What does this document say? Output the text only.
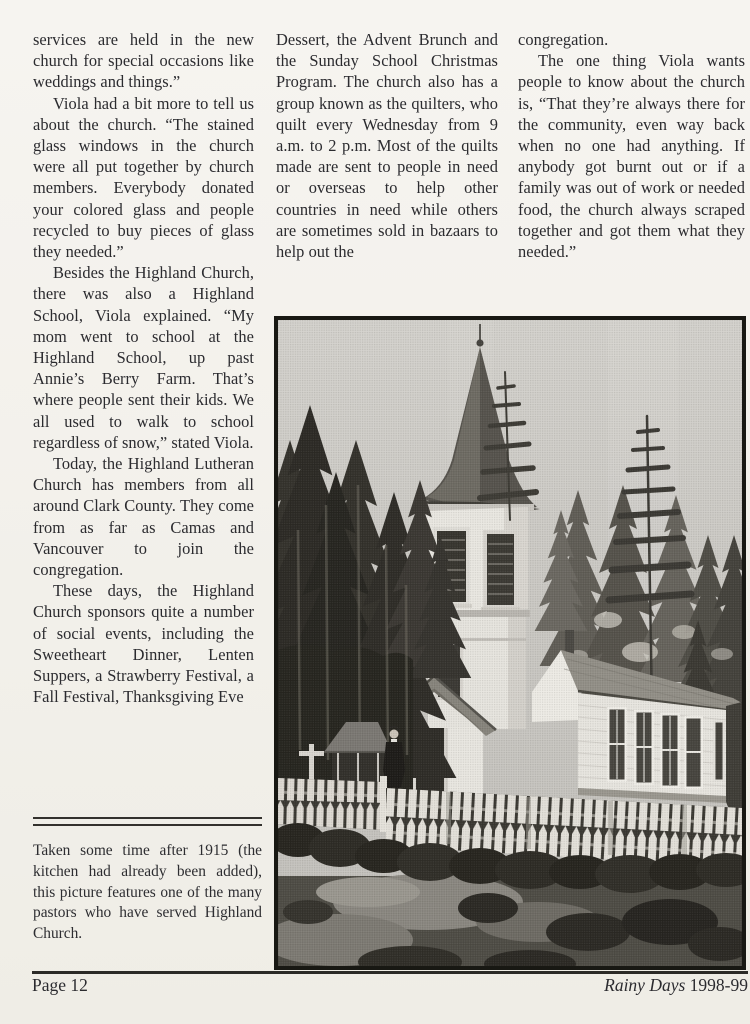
services are held in the new church for special occasions like weddings and things.”

Viola had a bit more to tell us about the church. “The stained glass windows in the church were all put together by church members. Everybody donated your colored glass and people recycled to buy pieces of glass they needed.”

Besides the Highland Church, there was also a Highland School, Viola explained. “My mom went to school at the Highland School, up past Annie’s Berry Farm. That’s where people sent their kids. We all used to walk to school regardless of snow,” stated Viola.

Today, the Highland Lutheran Church has members from all around Clark County. They come from as far as Camas and Vancouver to join the congregation.

These days, the Highland Church sponsors quite a number of social events, including the Sweetheart Dinner, Lenten Suppers, a Strawberry Festival, a Fall Festival, Thanksgiving Eve

Dessert, the Advent Brunch and the Sunday School Christmas Program. The church also has a group known as the quilters, who quilt every Wednesday from 9 a.m. to 2 p.m. Most of the quilts made are sent to people in need or overseas to help other countries in need while others are sometimes sold in bazaars to help out the

congregation.

The one thing Viola wants people to know about the church is, “That they’re always there for the community, even way back when no one had anything. If anybody got burnt out or if a family was out of work or needed food, the church always scraped together and got them what they needed.”

Taken some time after 1915 (the kitchen had already been added), this picture features one of the many pastors who have served Highland Church.

Page 12	Rainy Days 1998-99
